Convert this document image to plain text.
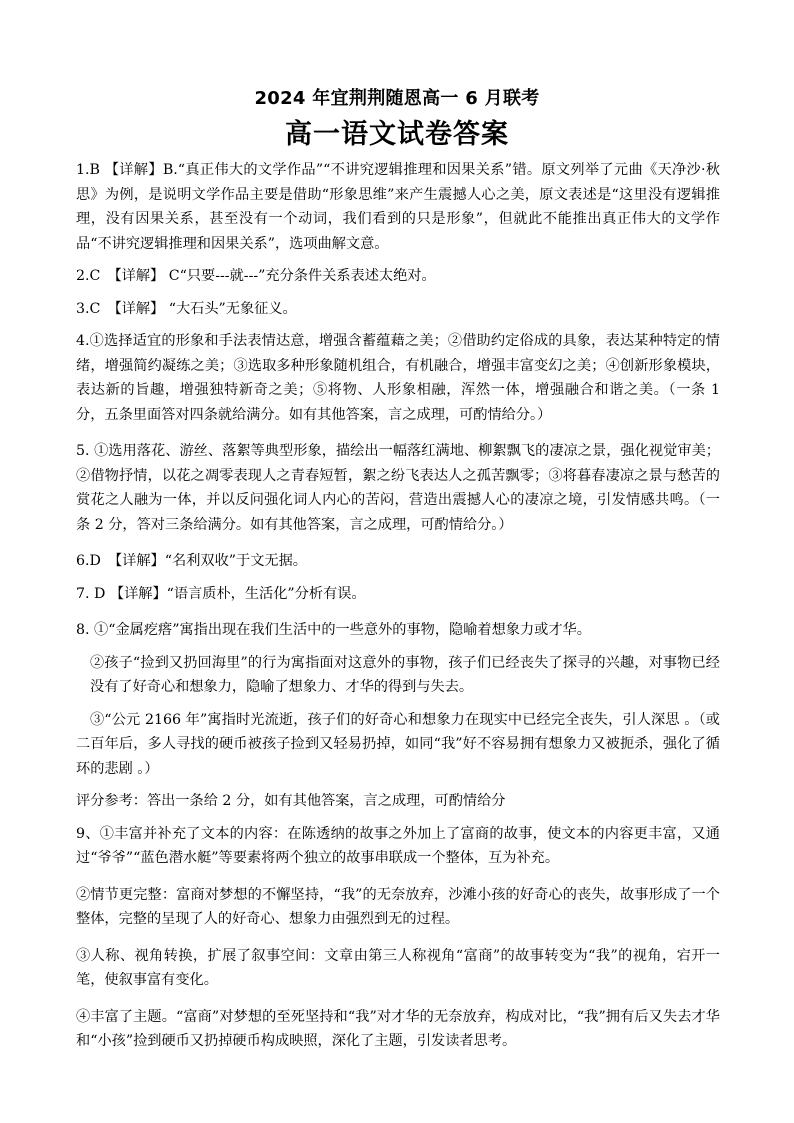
2024 年宜荆荆随恩高一 6 月联考
高一语文试卷答案

1.B 【详解】B.“真正伟大的文学作品”“不讲究逻辑推理和因果关系”错。原文列举了元曲《天净沙·秋思》为例，是说明文学作品主要是借助“形象思维”来产生震撼人心之美，原文表述是“这里没有逻辑推理，没有因果关系，甚至没有一个动词，我们看到的只是形象”，但就此不能推出真正伟大的文学作品“不讲究逻辑推理和因果关系”，选项曲解文意。

2.C　【详解】 C“只要---就---”充分条件关系表述太绝对。

3.C　【详解】 “大石头”无象征义。

4.①选择适宜的形象和手法表情达意，增强含蓄蕴藉之美；②借助约定俗成的具象，表达某种特定的情绪，增强简约凝练之美；③选取多种形象随机组合，有机融合，增强丰富变幻之美；④创新形象模块，表达新的旨趣，增强独特新奇之美；⑤将物、人形象相融，浑然一体，增强融合和谐之美。（一条 1 分，五条里面答对四条就给满分。如有其他答案，言之成理，可酌情给分。）

5. ①选用落花、游丝、落絮等典型形象，描绘出一幅落红满地、柳絮飘飞的凄凉之景，强化视觉审美；②借物抒情，以花之凋零表现人之青春短暂，絮之纷飞表达人之孤苦飘零；③将暮春凄凉之景与愁苦的赏花之人融为一体，并以反问强化词人内心的苦闷，营造出震撼人心的凄凉之境，引发情感共鸣。（一条 2 分，答对三条给满分。如有其他答案，言之成理，可酌情给分。）

6.D　【详解】“名利双收”于文无据。

7. D 【详解】“语言质朴，生活化”分析有误。

8. ①“金属疙瘩”寓指出现在我们生活中的一些意外的事物，隐喻着想象力或才华。

②孩子“捡到又扔回海里”的行为寓指面对这意外的事物，孩子们已经丧失了探寻的兴趣，对事物已经没有了好奇心和想象力，隐喻了想象力、才华的得到与失去。

③“公元 2166 年”寓指时光流逝，孩子们的好奇心和想象力在现实中已经完全丧失，引人深思 。（或二百年后，多人寻找的硬币被孩子捡到又轻易扔掉，如同“我”好不容易拥有想象力又被扼杀，强化了循环的悲剧 。）

评分参考：答出一条给 2 分，如有其他答案，言之成理，可酌情给分

9、①丰富并补充了文本的内容：在陈透纳的故事之外加上了富商的故事，使文本的内容更丰富，又通过“爷爷”“蓝色潜水艇”等要素将两个独立的故事串联成一个整体，互为补充。

②情节更完整：富商对梦想的不懈坚持，“我”的无奈放弃，沙滩小孩的好奇心的丧失，故事形成了一个整体，完整的呈现了人的好奇心、想象力由强烈到无的过程。

③人称、视角转换，扩展了叙事空间：文章由第三人称视角“富商”的故事转变为“我”的视角，宕开一笔，使叙事富有变化。

④丰富了主题。“富商”对梦想的至死坚持和“我”对才华的无奈放弃，构成对比，“我”拥有后又失去才华和“小孩”捡到硬币又扔掉硬币构成映照，深化了主题，引发读者思考。
